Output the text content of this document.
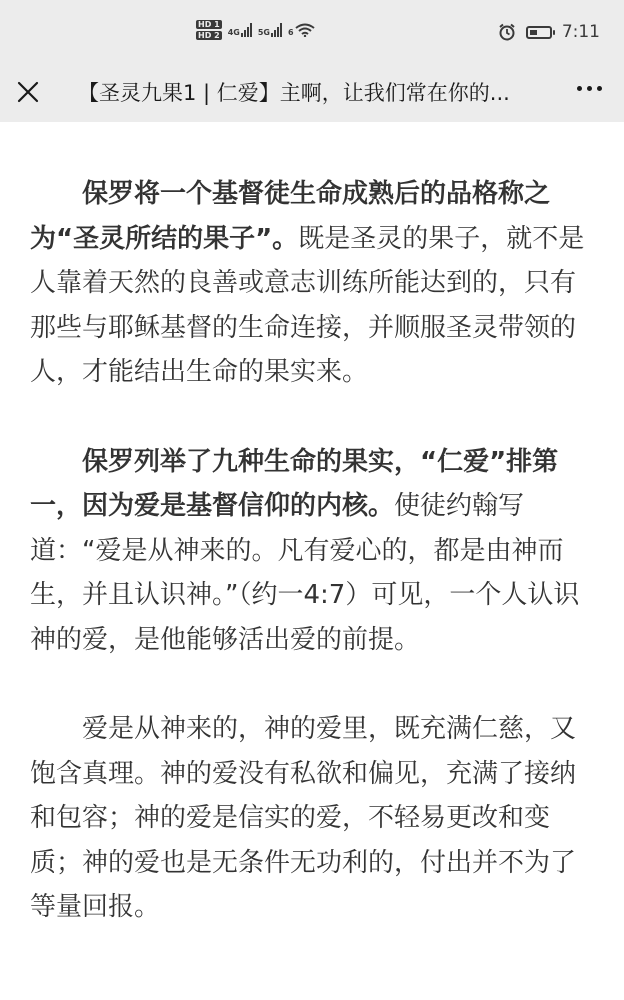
HD 1
HD 2 4G 5G 6	7:11
【圣灵九果1 | 仁爱】主啊，让我们常在你的...

保罗将一个基督徒生命成熟后的品格称之为“圣灵所结的果子”。既是圣灵的果子，就不是人靠着天然的良善或意志训练所能达到的，只有那些与耶稣基督的生命连接，并顺服圣灵带领的人，才能结出生命的果实来。

保罗列举了九种生命的果实，“仁爱”排第一，因为爱是基督信仰的内核。使徒约翰写道：“爱是从神来的。凡有爱心的，都是由神而生，并且认识神。”（约一4:7）可见，一个人认识神的爱，是他能够活出爱的前提。

爱是从神来的，神的爱里，既充满仁慈，又饱含真理。神的爱没有私欲和偏见，充满了接纳和包容；神的爱是信实的爱，不轻易更改和变质；神的爱也是无条件无功利的，付出并不为了等量回报。
